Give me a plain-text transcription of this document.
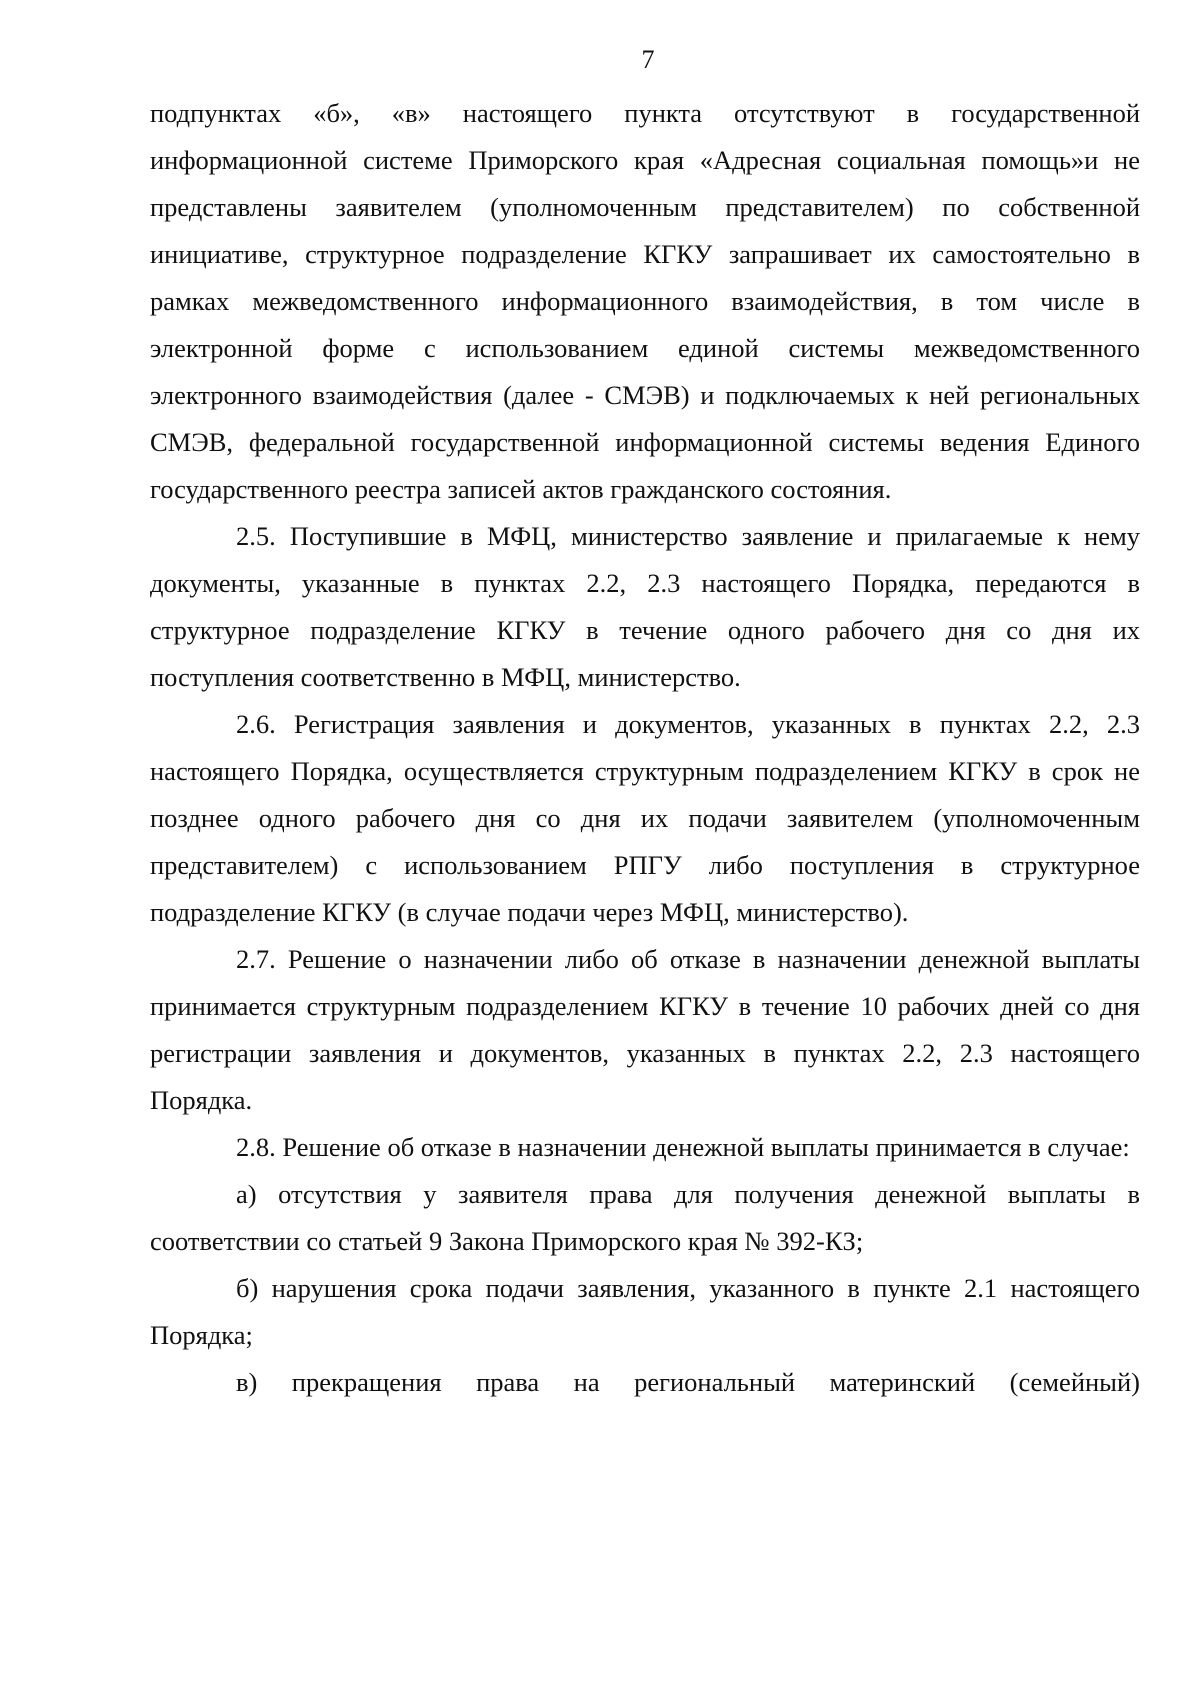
7

подпунктах «б», «в» настоящего пункта отсутствуют в государственной информационной системе Приморского края «Адресная социальная помощь»и не представлены заявителем (уполномоченным представителем) по собственной инициативе, структурное подразделение КГКУ запрашивает их самостоятельно в рамках межведомственного информационного взаимодействия, в том числе в электронной форме с использованием единой системы межведомственного электронного взаимодействия (далее - СМЭВ) и подключаемых к ней региональных СМЭВ, федеральной государственной информационной системы ведения Единого государственного реестра записей актов гражданского состояния.

2.5. Поступившие в МФЦ, министерство заявление и прилагаемые к нему документы, указанные в пунктах 2.2, 2.3 настоящего Порядка, передаются в структурное подразделение КГКУ в течение одного рабочего дня со дня их поступления соответственно в МФЦ, министерство.

2.6. Регистрация заявления и документов, указанных в пунктах 2.2, 2.3 настоящего Порядка, осуществляется структурным подразделением КГКУ в срок не позднее одного рабочего дня со дня их подачи заявителем (уполномоченным представителем) с использованием РПГУ либо поступления в структурное подразделение КГКУ (в случае подачи через МФЦ, министерство).

2.7. Решение о назначении либо об отказе в назначении денежной выплаты принимается структурным подразделением КГКУ в течение 10 рабочих дней со дня регистрации заявления и документов, указанных в пунктах 2.2, 2.3 настоящего Порядка.

2.8. Решение об отказе в назначении денежной выплаты принимается в случае:

а) отсутствия у заявителя права для получения денежной выплаты в соответствии со статьей 9 Закона Приморского края № 392-КЗ;

б) нарушения срока подачи заявления, указанного в пункте 2.1 настоящего Порядка;

в) прекращения права на региональный материнский (семейный)
